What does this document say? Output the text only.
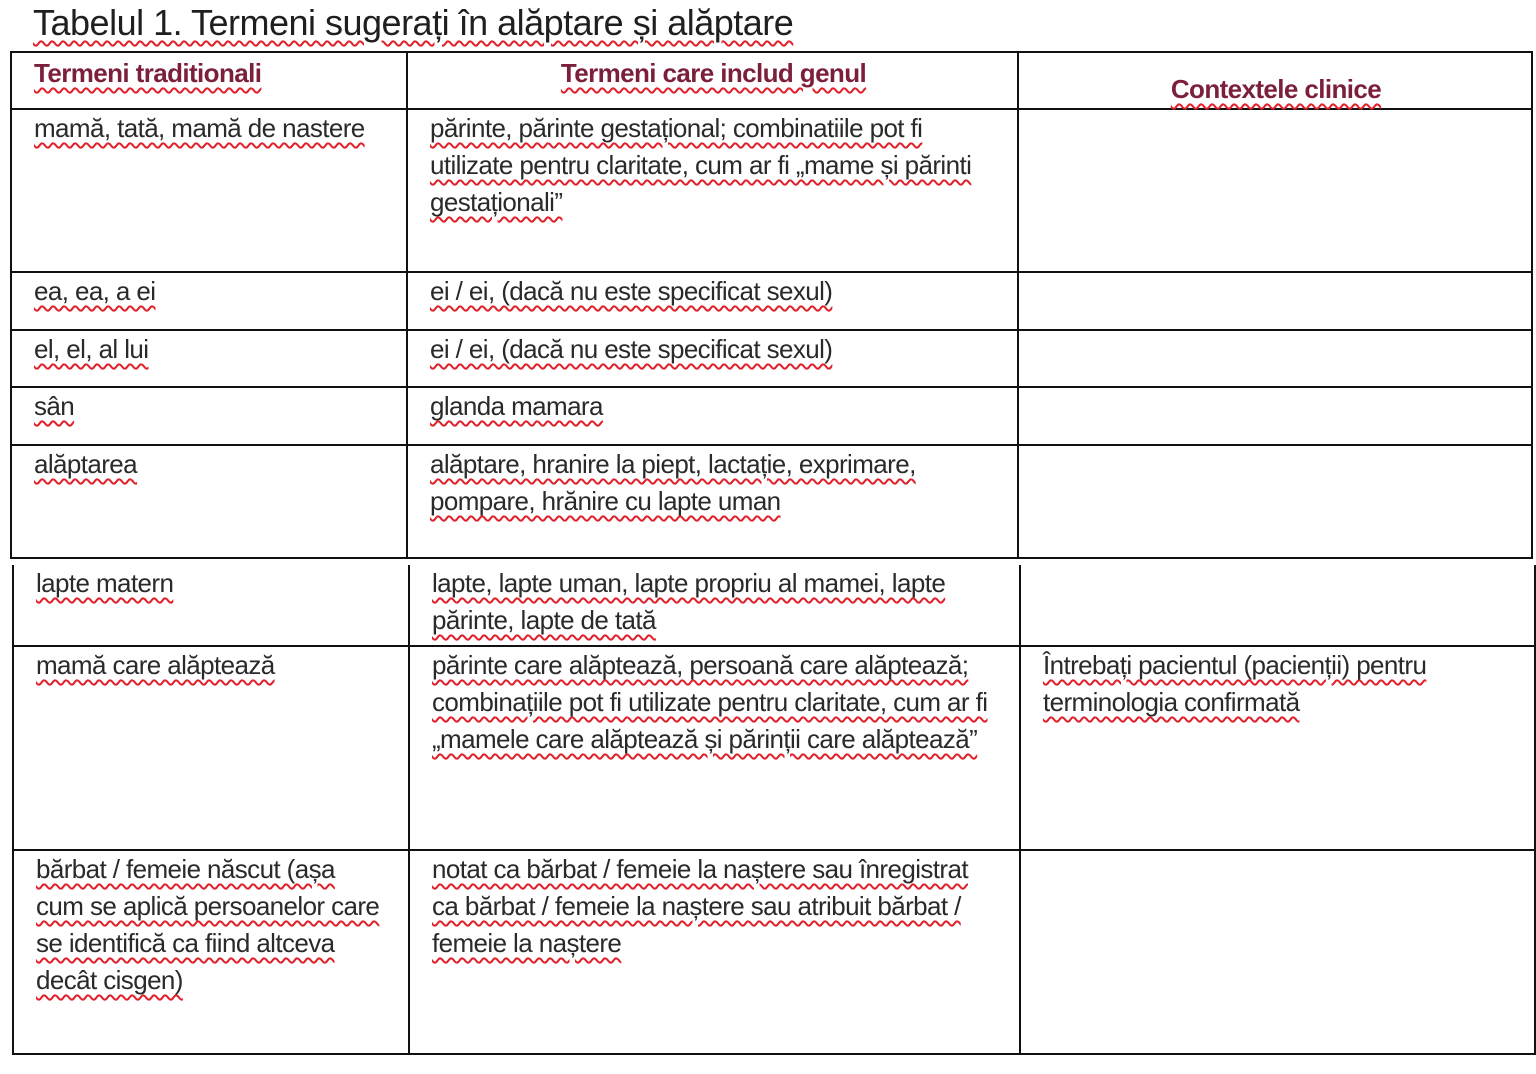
Tabelul 1. Termeni sugerați în alăptare și alăptare
Termeni traditionali	Termeni care includ genul	Contextele clinice
mamă, tată, mamă de nastere	părinte, părinte gestațional; combinatiile pot fi utilizate pentru claritate, cum ar fi „mame și părinti gestaționali”	
ea, ea, a ei	ei / ei, (dacă nu este specificat sexul)	
el, el, al lui	ei / ei, (dacă nu este specificat sexul)	
sân	glanda mamara	
alăptarea	alăptare, hranire la piept, lactație, exprimare, pompare, hrănire cu lapte uman	
lapte matern	lapte, lapte uman, lapte propriu al mamei, lapte părinte, lapte de tată	
mamă care alăptează	părinte care alăptează, persoană care alăptează; combinațiile pot fi utilizate pentru claritate, cum ar fi „mamele care alăptează și părinții care alăptează”	Întrebați pacientul (pacienții) pentru terminologia confirmată
bărbat / femeie născut (așa cum se aplică persoanelor care se identifică ca fiind altceva decât cisgen)	notat ca bărbat / femeie la naștere sau înregistrat ca bărbat / femeie la naștere sau atribuit bărbat / femeie la naștere	
